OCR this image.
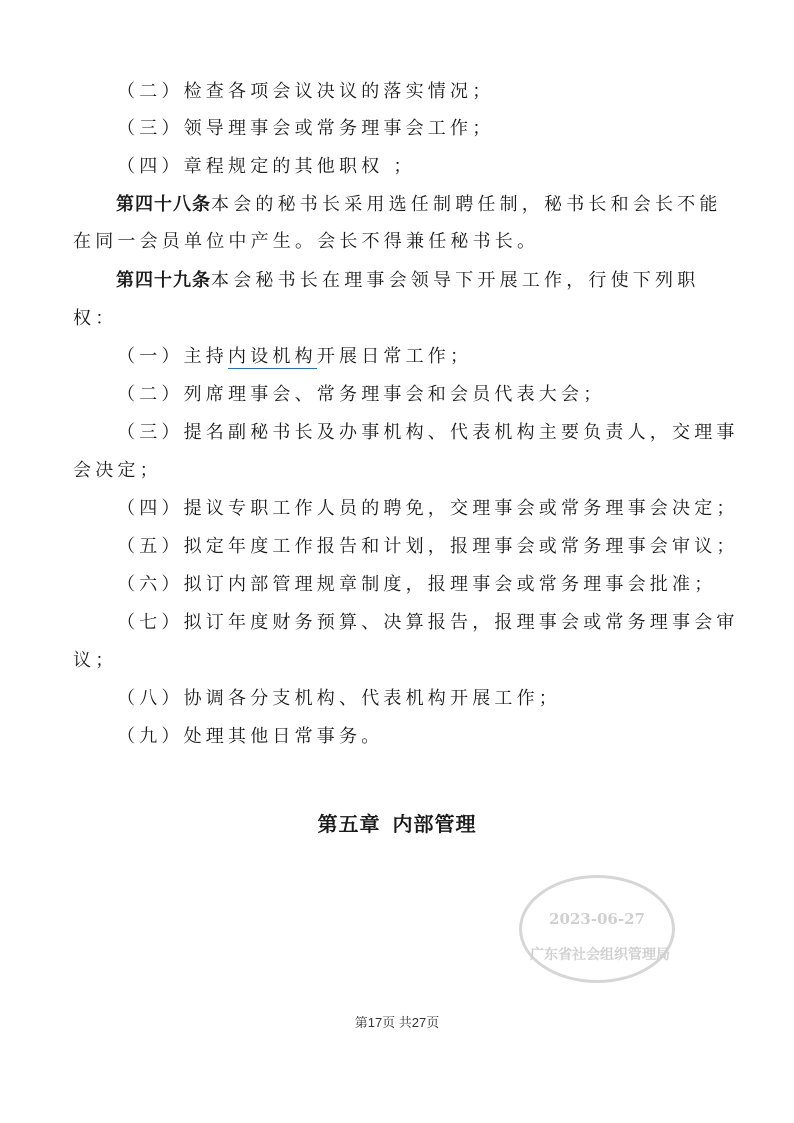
（二）检查各项会议决议的落实情况；
（三）领导理事会或常务理事会工作；
（四）章程规定的其他职权 ；
第四十八条本会的秘书长采用选任制聘任制，秘书长和会长不能
在同一会员单位中产生。会长不得兼任秘书长。
第四十九条本会秘书长在理事会领导下开展工作，行使下列职
权：
（一）主持内设机构开展日常工作；
（二）列席理事会、常务理事会和会员代表大会；
（三）提名副秘书长及办事机构、代表机构主要负责人，交理事
会决定；
（四）提议专职工作人员的聘免，交理事会或常务理事会决定；
（五）拟定年度工作报告和计划，报理事会或常务理事会审议；
（六）拟订内部管理规章制度，报理事会或常务理事会批准；
（七）拟订年度财务预算、决算报告，报理事会或常务理事会审
议；
（八）协调各分支机构、代表机构开展工作；
（九）处理其他日常事务。
第五章 内部管理
2023-06-27
广东省社会组织管理局
第17页 共27页
